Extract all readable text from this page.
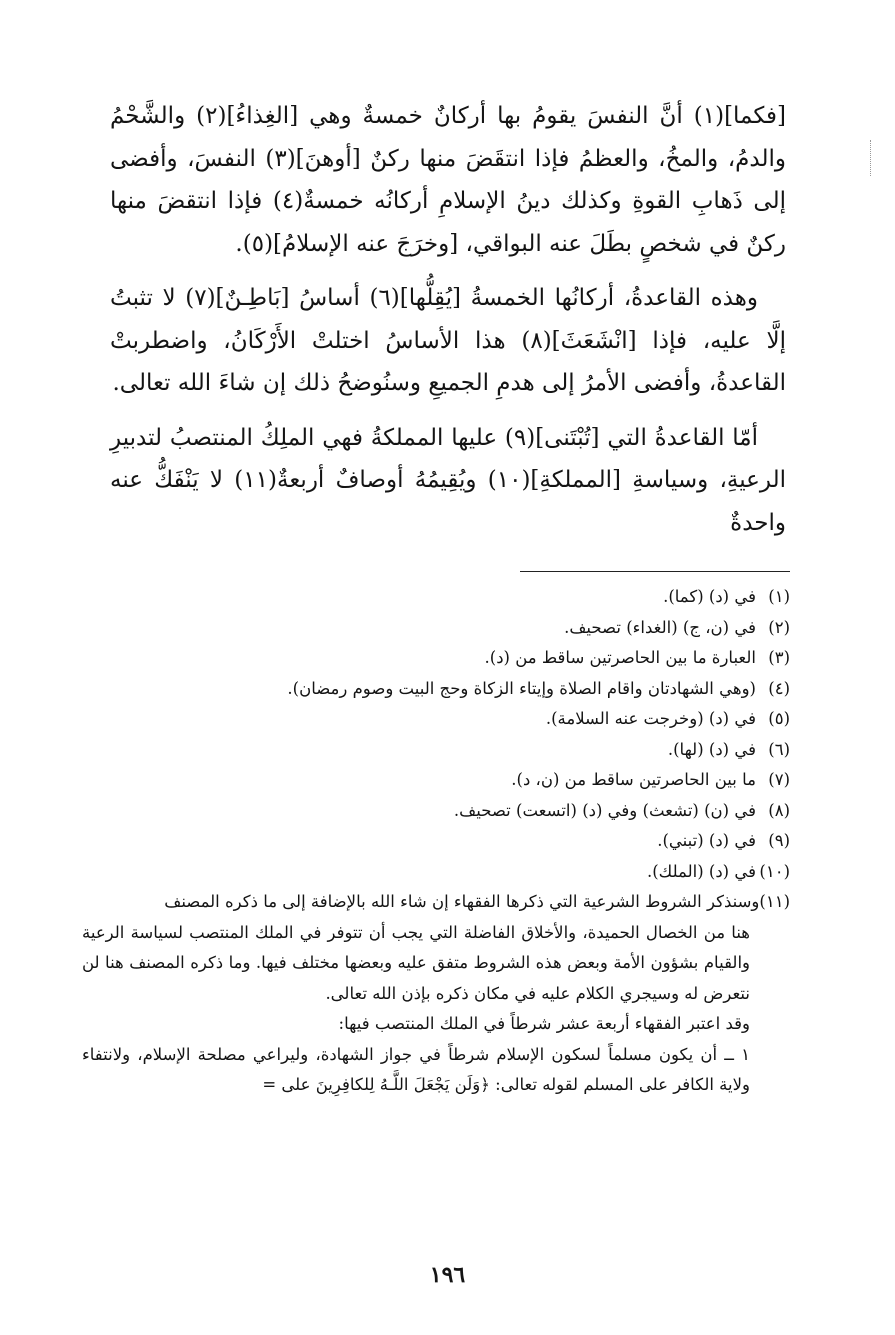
[فكما](١) أنَّ النفسَ يقومُ بها أركانٌ خمسةٌ وهي [الغِذاءُ](٢) والشَّحْمُ والدمُ، والمخُ، والعظمُ فإذا انتقَضَ منها ركنٌ [أوهنَ](٣) النفسَ، وأفضى إلى ذَهابِ القوةِ وكذلك دينُ الإسلامِ أركانُه خمسةٌ(٤) فإذا انتقضَ منها ركنٌ في شخصٍ بطَلَ عنه البواقي، [وخرَجَ عنه الإسلامُ](٥).

وهذه القاعدةُ، أركانُها الخمسةُ [يُقِلُّها](٦) أساسُ [بَاطِـنٌ](٧) لا تثبتُ إلَّا عليه، فإذا [انْشَعَثَ](٨) هذا الأساسُ اختلتْ الأَرْكَانُ، واضطربتْ القاعدةُ، وأفضى الأمرُ إلى هدمِ الجميعِ وسنُوضحُ ذلك إن شاءَ الله تعالى.

أمّا القاعدةُ التي [تُبْتَنى](٩) عليها المملكةُ فهي الملِكُ المنتصبُ لتدبيرِ الرعيةِ، وسياسةِ [المملكةِ](١٠) ويُقِيمُهُ أوصافٌ أربعةٌ(١١) لا يَنْفَكُّ عنه واحدةٌ

(١)في (د) (كما).

(٢)في (ن، ج) (الغداء) تصحيف.

(٣)العبارة ما بين الحاصرتين ساقط من (د).

(٤)(وهي الشهادتان واقام الصلاة وإيتاء الزكاة وحج البيت وصوم رمضان).

(٥)في (د) (وخرجت عنه السلامة).

(٦)في (د) (لها).

(٧)ما بين الحاصرتين ساقط من (ن، د).

(٨)في (ن) (تشعث) وفي (د) (اتسعت) تصحيف.

(٩)في (د) (تبني).

(١٠)في (د) (الملك).

(١١)وسنذكر الشروط الشرعية التي ذكرها الفقهاء إن شاء الله بالإضافة إلى ما ذكره المصنف
هنا من الخصال الحميدة، والأخلاق الفاضلة التي يجب أن تتوفر في الملك المنتصب لسياسة الرعية والقيام بشؤون الأمة وبعض هذه الشروط متفق عليه وبعضها مختلف فيها. وما ذكره المصنف هنا لن نتعرض له وسيجري الكلام عليه في مكان ذكره بإذن الله تعالى.

وقد اعتبر الفقهاء أربعة عشر شرطاً في الملك المنتصب فيها:

١ ــ أن يكون مسلماً لسكون الإسلام شرطاً في جواز الشهادة، وليراعي مصلحة الإسلام، ولانتفاء ولاية الكافر على المسلم لقوله تعالى: ﴿وَلَن يَجْعَلَ اللَّـهُ لِلكافِرِينَ على =

١٩٦
